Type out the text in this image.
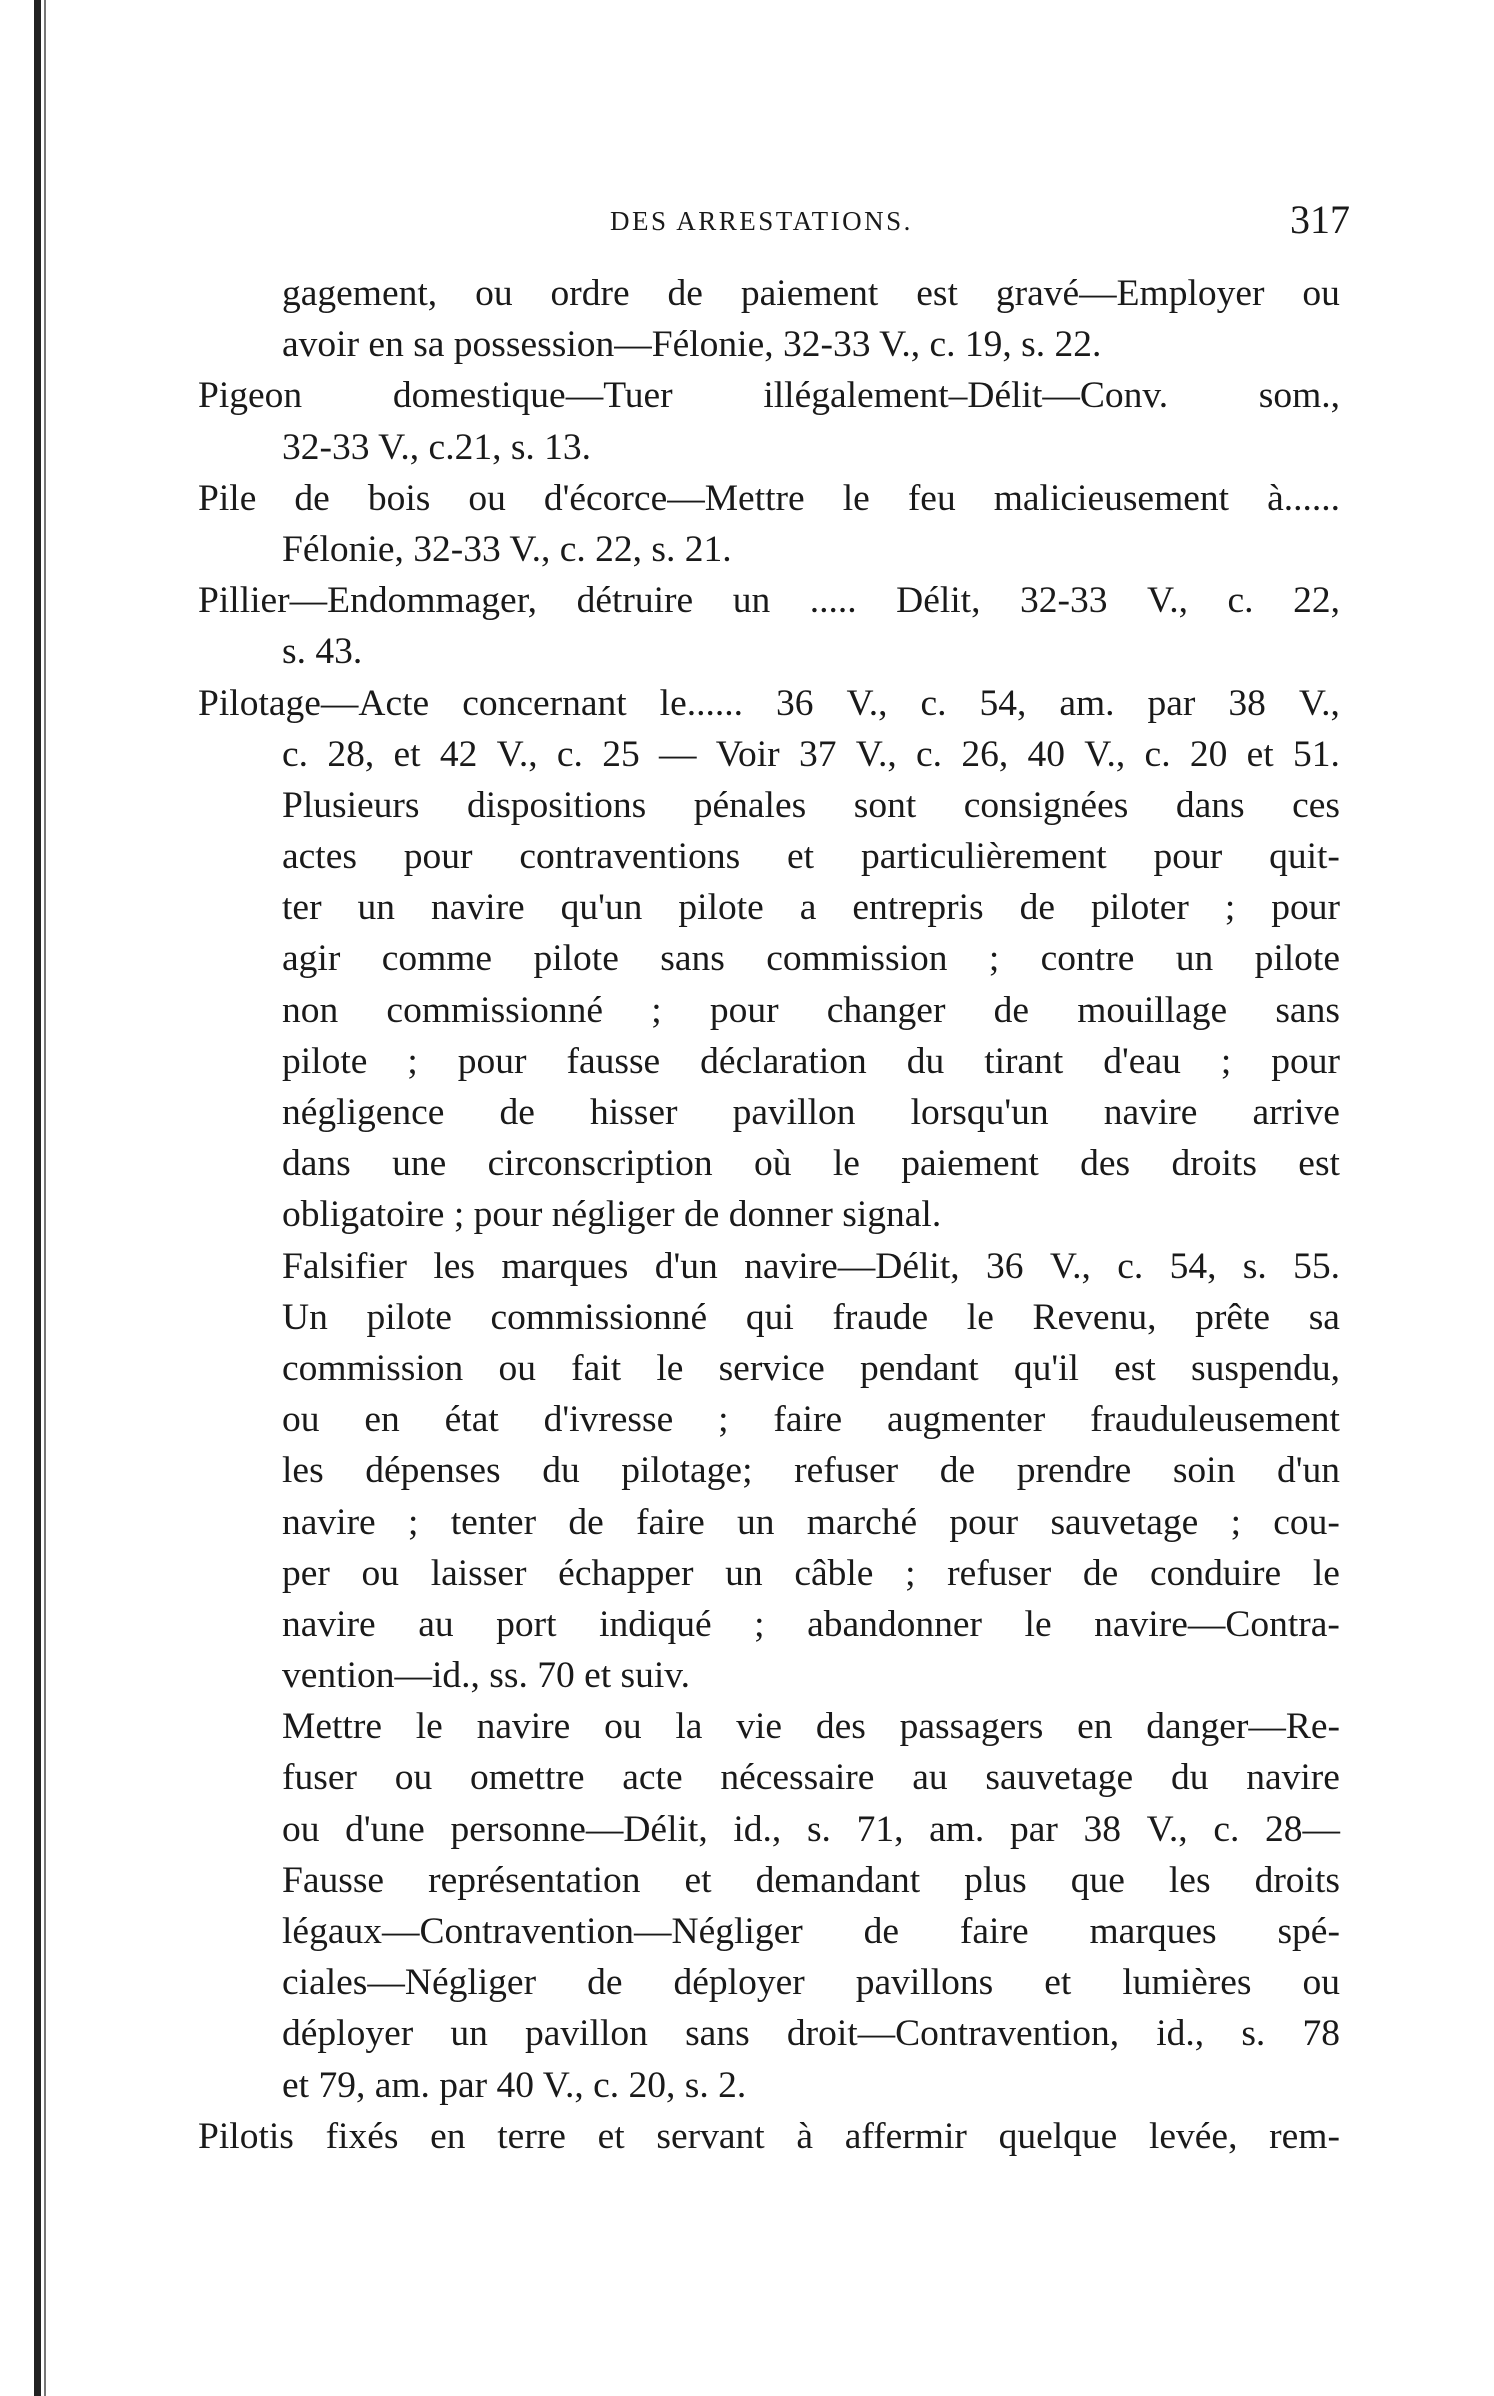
DES ARRESTATIONS.	317
gagement, ou ordre de paiement est gravé—Employer ou
avoir en sa possession—Félonie, 32-33 V., c. 19, s. 22.
Pigeon domestique—Tuer illégalement–Délit—Conv. som.,
32-33 V., c.21, s. 13.
Pile de bois ou d'écorce—Mettre le feu malicieusement à......
Félonie, 32-33 V., c. 22, s. 21.
Pillier—Endommager, détruire un ..... Délit, 32-33 V., c. 22,
s. 43.
Pilotage—Acte concernant le...... 36 V., c. 54, am. par 38 V.,
c. 28, et 42 V., c. 25 — Voir 37 V., c. 26, 40 V., c. 20 et 51.
Plusieurs dispositions pénales sont consignées dans ces
actes pour contraventions et particulièrement pour quit-
ter un navire qu'un pilote a entrepris de piloter ; pour
agir comme pilote sans commission ; contre un pilote
non commissionné ; pour changer de mouillage sans
pilote ; pour fausse déclaration du tirant d'eau ; pour
négligence de hisser pavillon lorsqu'un navire arrive
dans une circonscription où le paiement des droits est
obligatoire ; pour négliger de donner signal.
Falsifier les marques d'un navire—Délit, 36 V., c. 54, s. 55.
Un pilote commissionné qui fraude le Revenu, prête sa
commission ou fait le service pendant qu'il est suspendu,
ou en état d'ivresse ; faire augmenter frauduleusement
les dépenses du pilotage; refuser de prendre soin d'un
navire ; tenter de faire un marché pour sauvetage ; cou-
per ou laisser échapper un câble ; refuser de conduire le
navire au port indiqué ; abandonner le navire—Contra-
vention—id., ss. 70 et suiv.
Mettre le navire ou la vie des passagers en danger—Re-
fuser ou omettre acte nécessaire au sauvetage du navire
ou d'une personne—Délit, id., s. 71, am. par 38 V., c. 28—
Fausse représentation et demandant plus que les droits
légaux—Contravention—Négliger de faire marques spé-
ciales—Négliger de déployer pavillons et lumières ou
déployer un pavillon sans droit—Contravention, id., s. 78
et 79, am. par 40 V., c. 20, s. 2.
Pilotis fixés en terre et servant à affermir quelque levée, rem-
